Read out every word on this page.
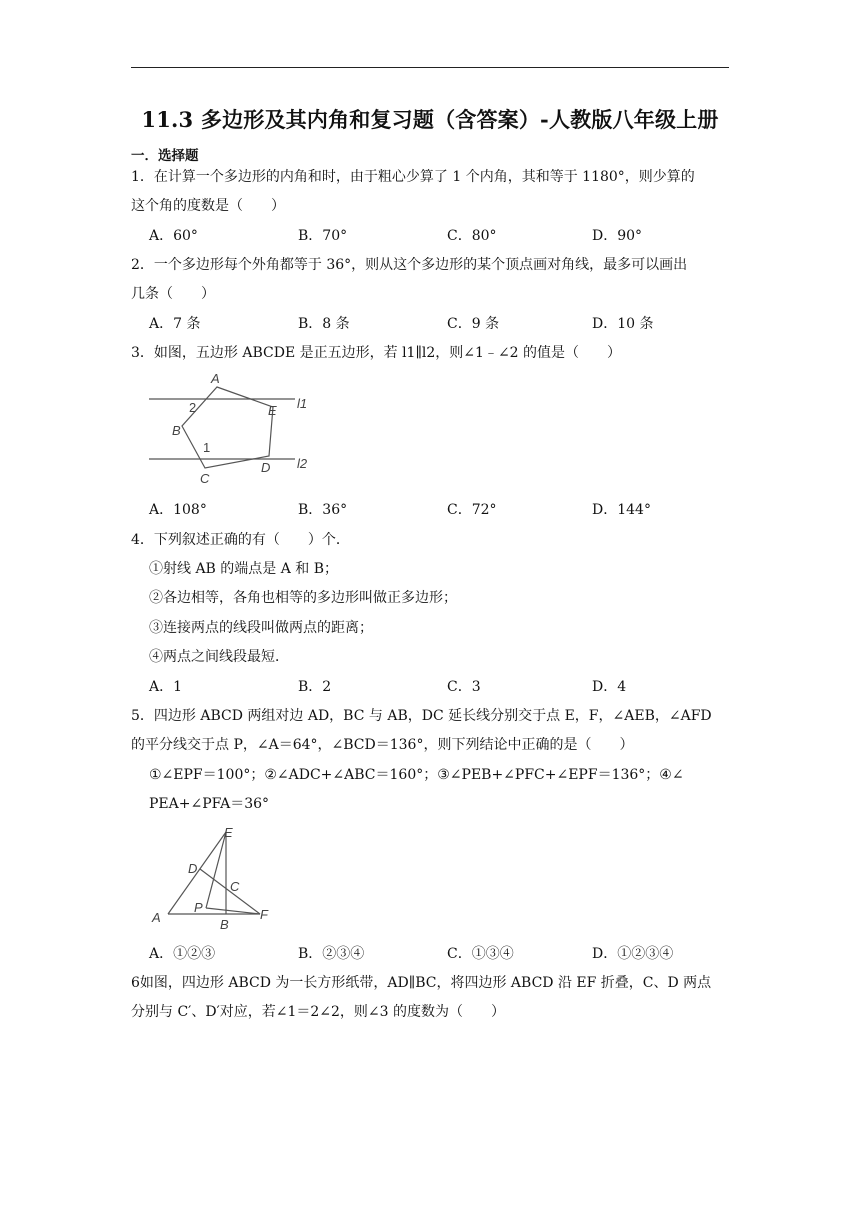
11.3 多边形及其内角和复习题（含答案）-人教版八年级上册
一．选择题
1．在计算一个多边形的内角和时，由于粗心少算了 1 个内角，其和等于 1180°，则少算的
这个角的度数是（　　）
A．60°	B．70°	C．80°	D．90°
2．一个多边形每个外角都等于 36°，则从这个多边形的某个顶点画对角线，最多可以画出
几条（　　）
A．7 条	B．8 条	C．9 条	D．10 条
3．如图，五边形 ABCDE 是正五边形，若 l1∥l2，则∠1﹣∠2 的值是（　　）
A
E
B
C
D
1
2	l1
l2
A．108°	B．36°	C．72°	D．144°
4．下列叙述正确的有（　　）个．
①射线 AB 的端点是 A 和 B；
②各边相等，各角也相等的多边形叫做正多边形；
③连接两点的线段叫做两点的距离；
④两点之间线段最短．
A．1	B．2	C．3	D．4
5．四边形 ABCD 两组对边 AD，BC 与 AB，DC 延长线分别交于点 E，F，∠AEB，∠AFD
的平分线交于点 P，∠A＝64°，∠BCD＝136°，则下列结论中正确的是（　　）
①∠EPF＝100°；②∠ADC+∠ABC＝160°；③∠PEB+∠PFC+∠EPF＝136°；④∠
PEA+∠PFA＝36°
E
D
C
P
A	B
F
A．①②③	B．②③④	C．①③④	D．①②③④
6如图，四边形 ABCD 为一长方形纸带，AD∥BC，将四边形 ABCD 沿 EF 折叠，C、D 两点
分别与 C′、D′对应，若∠1＝2∠2，则∠3 的度数为（　　）
